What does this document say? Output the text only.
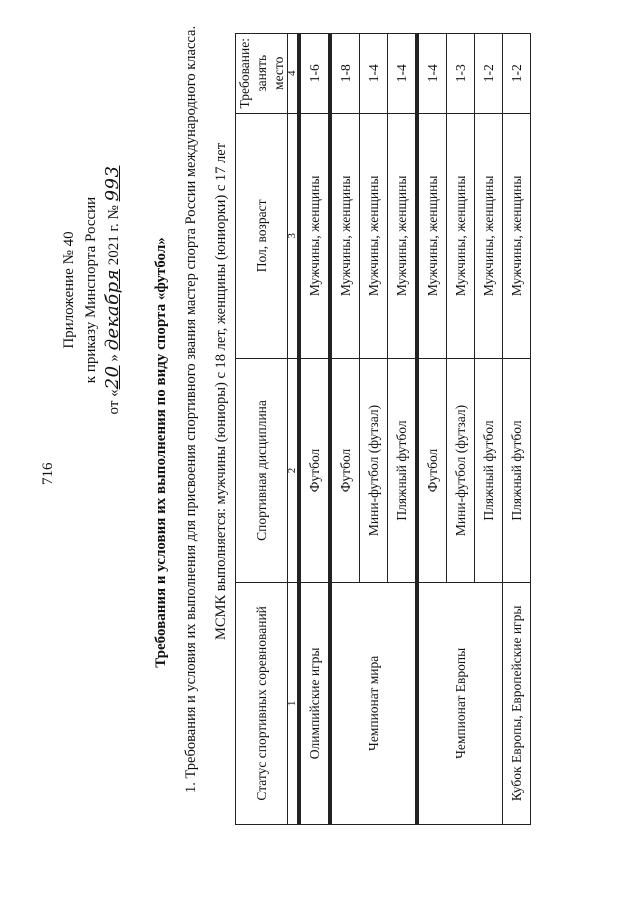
716
Приложение № 40 к приказу Минспорта России
от «20 » декабря 2021 г. № 993
Требования и условия их выполнения по виду спорта «футбол» 1. Требования и условия их выполнения для присвоения спортивного звания мастер спорта России международного класса. МСМК выполняется: мужчины (юниоры) с 18 лет, женщины (юниорки) с 17 лет
Статус спортивных соревнований	Спортивная дисциплина	Пол, возраст	Требование: занять место
1	2	3	4

Олимпийские игры	Футбол	Мужчины, женщины	1-6

Чемпионат мира	Футбол	Мужчины, женщины	1-8
	Мини-футбол (футзал)	Мужчины, женщины	1-4
	Пляжный футбол	Мужчины, женщины	1-4

Чемпионат Европы	Футбол	Мужчины, женщины	1-4
	Мини-футбол (футзал)	Мужчины, женщины	1-3
	Пляжный футбол	Мужчины, женщины	1-2
Кубок Европы, Европейские игры	Пляжный футбол	Мужчины, женщины	1-2
